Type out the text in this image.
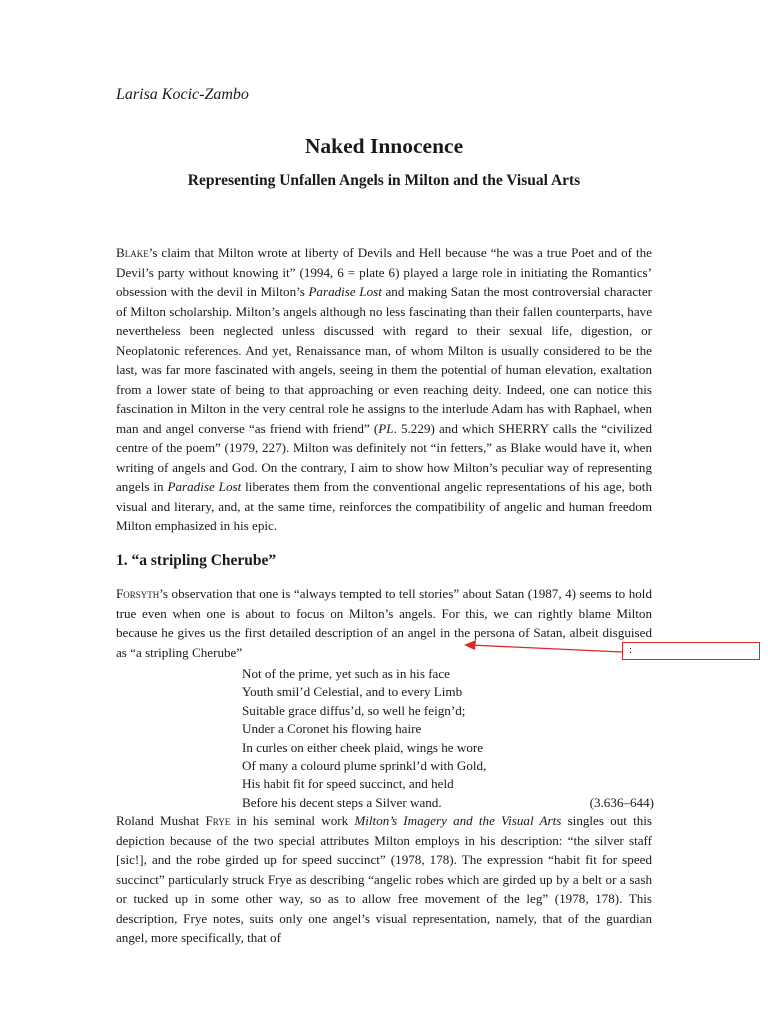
Larisa Kocic-Zambo
Naked Innocence
Representing Unfallen Angels in Milton and the Visual Arts

Blake’s claim that Milton wrote at liberty of Devils and Hell because “he was a true Poet and of the Devil’s party without knowing it” (1994, 6 = plate 6) played a large role in initiating the Romantics’ obsession with the devil in Milton’s Paradise Lost and making Satan the most controversial character of Milton scholarship. Milton’s angels although no less fascinating than their fallen counterparts, have nevertheless been neglected unless discussed with regard to their sexual life, digestion, or Neoplatonic references. And yet, Renaissance man, of whom Milton is usually considered to be the last, was far more fascinated with angels, seeing in them the potential of human elevation, exaltation from a lower state of being to that approaching or even reaching deity. Indeed, one can notice this fascination in Milton in the very central role he assigns to the interlude Adam has with Raphael, when man and angel converse “as friend with friend” (PL. 5.229) and which SHERRY calls the “civilized centre of the poem” (1979, 227). Milton was definitely not “in fetters,” as Blake would have it, when writing of angels and God. On the contrary, I aim to show how Milton’s peculiar way of representing angels in Paradise Lost liberates them from the conventional angelic representations of his age, both visual and literary, and, at the same time, reinforces the compatibility of angelic and human freedom Milton emphasized in his epic.

1. “a stripling Cherube”

Forsyth’s observation that one is “always tempted to tell stories” about Satan (1987, 4) seems to hold true even when one is about to focus on Milton’s angels. For this, we can rightly blame Milton because he gives us the first detailed description of an angel in the persona of Satan, albeit disguised as “a stripling Cherube”

Not of the prime, yet such as in his face
Youth smil’d Celestial, and to every Limb
Suitable grace diffus’d, so well he feign’d;
Under a Coronet his flowing haire
In curles on either cheek plaid, wings he wore
Of many a colourd plume sprinkl’d with Gold,
His habit fit for speed succinct, and held
Before his decent steps a Silver wand.	(3.636–644)

Roland Mushat Frye in his seminal work Milton’s Imagery and the Visual Arts singles out this depiction because of the two special attributes Milton employs in his description: “the silver staff [sic!], and the robe girded up for speed succinct” (1978, 178). The expression “habit fit for speed succinct” particularly struck Frye as describing “angelic robes which are girded up by a belt or a sash or tucked up in some other way, so as to allow free movement of the leg” (1978, 178). This description, Frye notes, suits only one angel’s visual representation, namely, that of the guardian angel, more specifically, that of

:
